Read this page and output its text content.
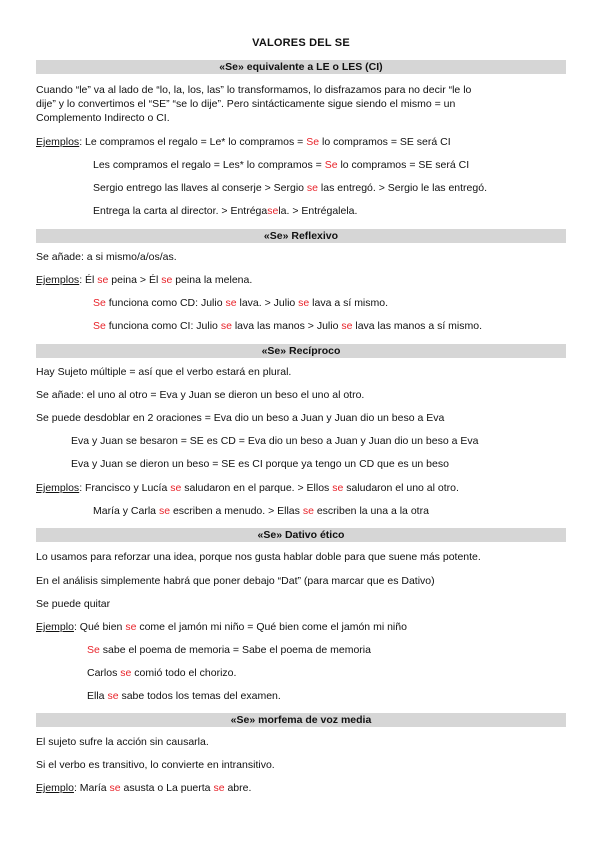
VALORES DEL SE
«Se» equivalente a LE o LES (CI)
Cuando “le” va al lado de “lo, la, los, las” lo transformamos, lo disfrazamos para no decir “le lo
dije” y lo convertimos el “SE” “se lo dije”. Pero sintácticamente sigue siendo el mismo = un
Complemento Indirecto o CI.
Ejemplos: Le compramos el regalo = Le* lo compramos = Se lo compramos = SE será CI
Les compramos el regalo = Les* lo compramos = Se lo compramos = SE será CI
Sergio entrego las llaves al conserje > Sergio se las entregó. > Sergio le las entregó.
Entrega la carta al director. > Entrégasela. > Entrégalela.
«Se» Reflexivo
Se añade: a si mismo/a/os/as.
Ejemplos: Él se peina > Él se peina la melena.
Se funciona como CD: Julio se lava. > Julio se lava a sí mismo.
Se funciona como CI: Julio se lava las manos > Julio se lava las manos a sí mismo.
«Se» Recíproco
Hay Sujeto múltiple = así que el verbo estará en plural.
Se añade: el uno al otro = Eva y Juan se dieron un beso el uno al otro.
Se puede desdoblar en 2 oraciones = Eva dio un beso a Juan y Juan dio un beso a Eva
Eva y Juan se besaron = SE es CD = Eva dio un beso a Juan y Juan dio un beso a Eva
Eva y Juan se dieron un beso = SE es CI porque ya tengo un CD que es un beso
Ejemplos: Francisco y Lucía se saludaron en el parque. > Ellos se saludaron el uno al otro.
María y Carla se escriben a menudo. > Ellas se escriben la una a la otra
«Se» Dativo ético
Lo usamos para reforzar una idea, porque nos gusta hablar doble para que suene más potente.
En el análisis simplemente habrá que poner debajo “Dat” (para marcar que es Dativo)
Se puede quitar
Ejemplo: Qué bien se come el jamón mi niño = Qué bien come el jamón mi niño
Se sabe el poema de memoria = Sabe el poema de memoria
Carlos se comió todo el chorizo.
Ella se sabe todos los temas del examen.
«Se» morfema de voz media
El sujeto sufre la acción sin causarla.
Si el verbo es transitivo, lo convierte en intransitivo.
Ejemplo: María se asusta o La puerta se abre.
